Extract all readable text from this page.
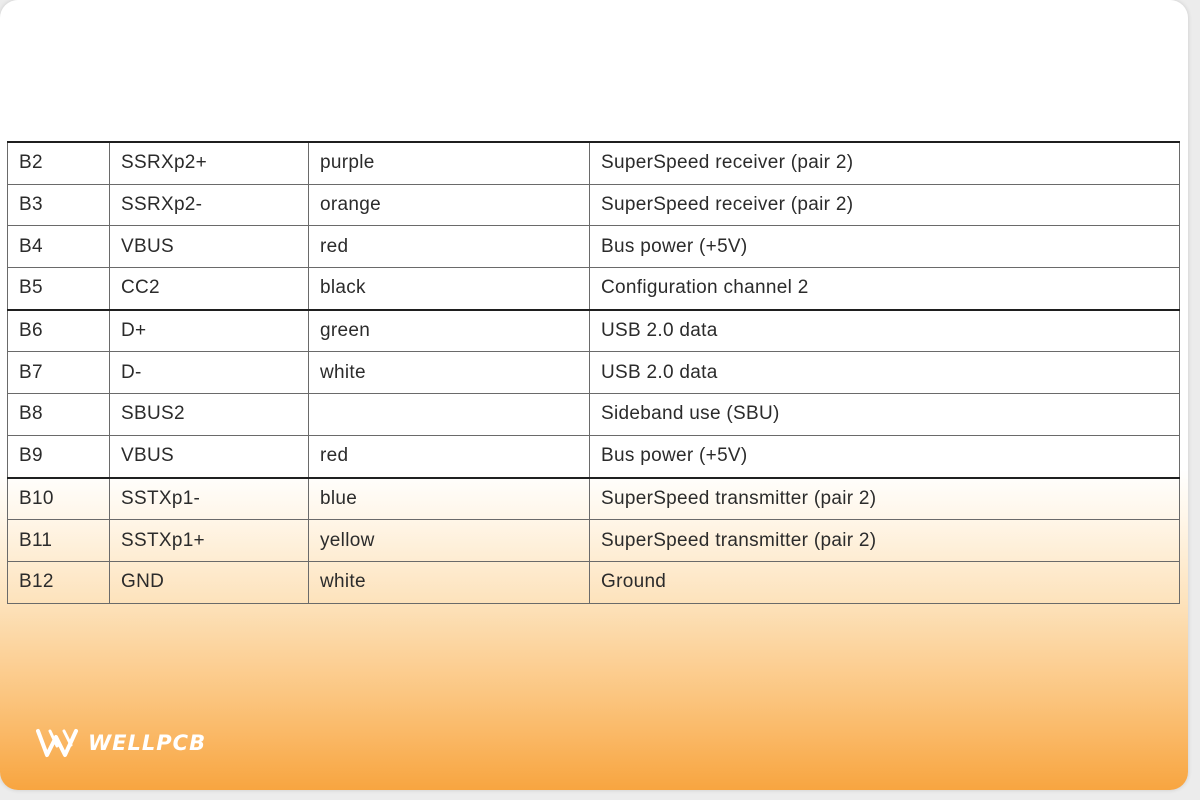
B2	SSRXp2+	purple	SuperSpeed receiver (pair 2)
B3	SSRXp2-	orange	SuperSpeed receiver (pair 2)
B4	VBUS	red	Bus power (+5V)
B5	CC2	black	Configuration channel 2
B6	D+	green	USB 2.0 data
B7	D-	white	USB 2.0 data
B8	SBUS2		Sideband use (SBU)
B9	VBUS	red	Bus power (+5V)
B10	SSTXp1-	blue	SuperSpeed transmitter (pair 2)
B11	SSTXp1+	yellow	SuperSpeed transmitter (pair 2)
B12	GND	white	Ground
WELLPCB
